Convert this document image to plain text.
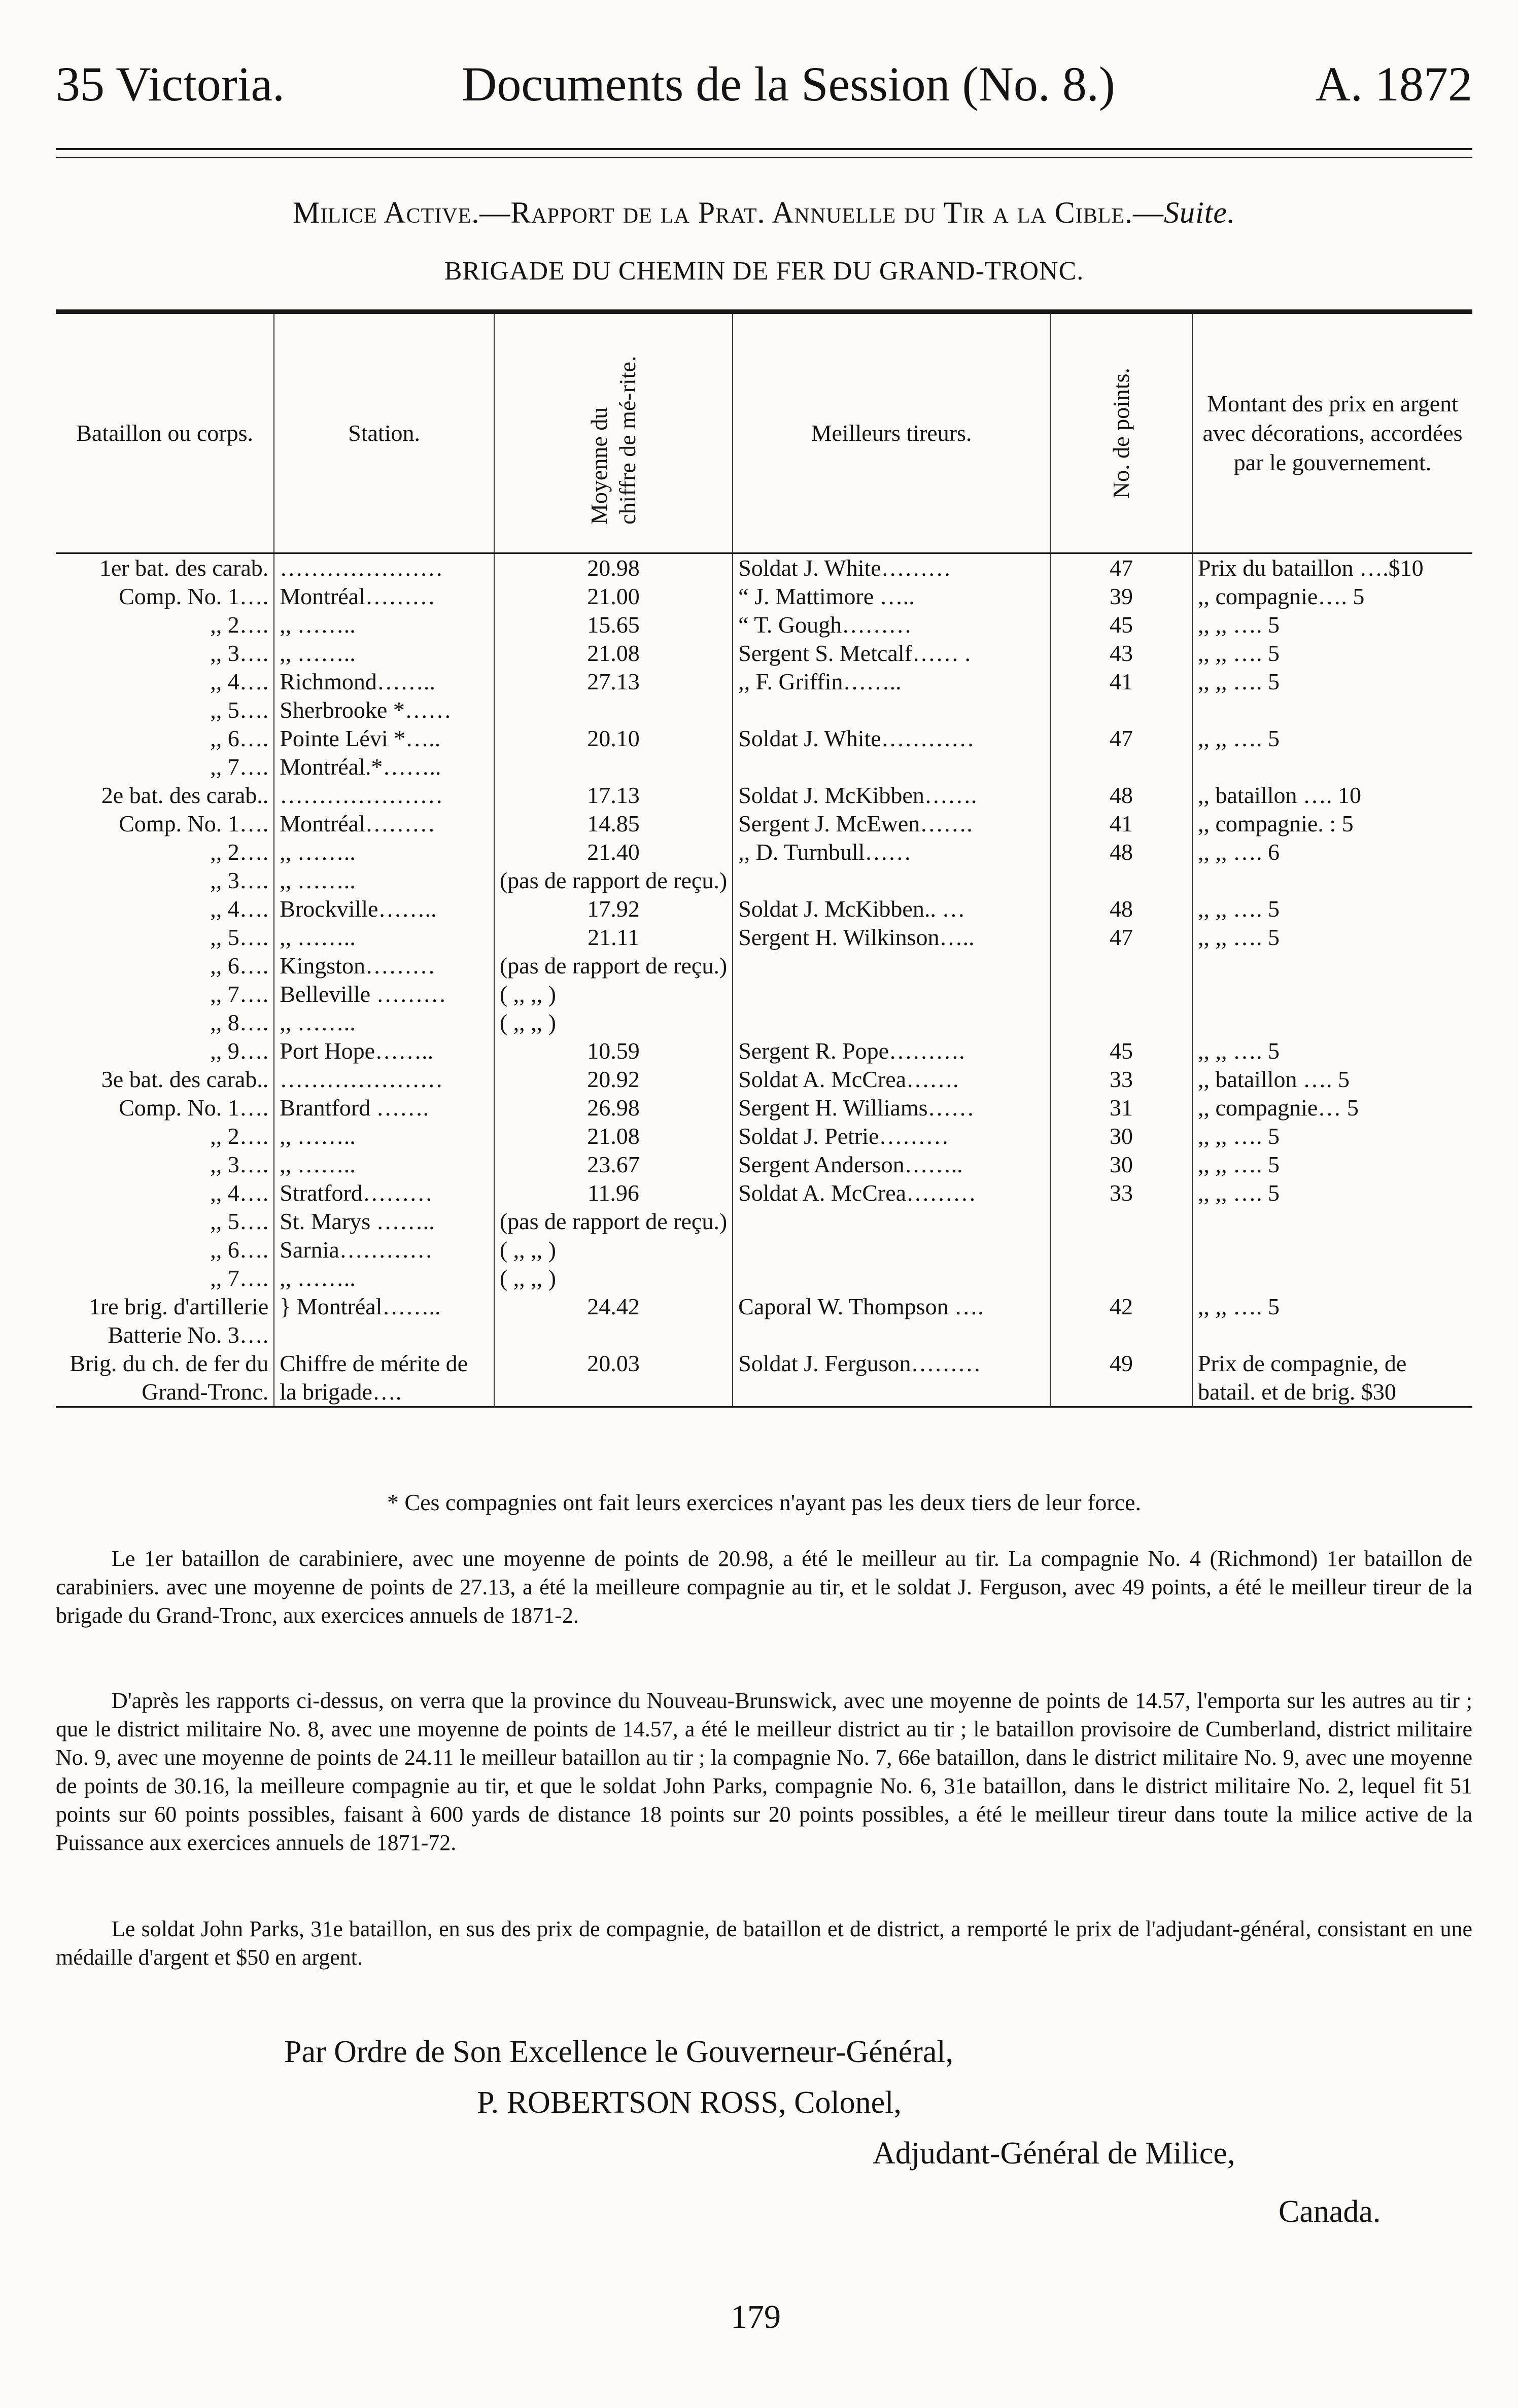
35 Victoria.	Documents de la Session (No. 8.)	A. 1872
Milice Active.—Rapport de la Prat. Annuelle du Tir a la Cible.—Suite.
BRIGADE DU CHEMIN DE FER DU GRAND-TRONC.
Bataillon ou corps.	Station.	Moyenne du chiffre de mé-rite.	Meilleurs tireurs.	No. de points.	Montant des prix en argent avec décorations, accordées par le gouvernement.
1er bat. des carab.	…………………	20.98	Soldat J. White………	47	Prix du bataillon ….$10
Comp. No. 1….	Montréal………	21.00	“ J. Mattimore …..	39	,, compagnie…. 5
,, 2….	,, ……..	15.65	“ T. Gough………	45	,, ,, …. 5
,, 3….	,, ……..	21.08	Sergent S. Metcalf…… .	43	,, ,, …. 5
,, 4….	Richmond……..	27.13	,, F. Griffin……..	41	,, ,, …. 5
,, 5….	Sherbrooke *……				
,, 6….	Pointe Lévi *…..	20.10	Soldat J. White…………	47	,, ,, …. 5
,, 7….	Montréal.*……..				
2e bat. des carab..	…………………	17.13	Soldat J. McKibben…….	48	,, bataillon …. 10
Comp. No. 1….	Montréal………	14.85	Sergent J. McEwen…….	41	,, compagnie. : 5
,, 2….	,, ……..	21.40	,, D. Turnbull……	48	,, ,, …. 6
,, 3….	,, ……..	(pas de rapport de reçu.)			
,, 4….	Brockville……..	17.92	Soldat J. McKibben.. …	48	,, ,, …. 5
,, 5….	,, ……..	21.11	Sergent H. Wilkinson…..	47	,, ,, …. 5
,, 6….	Kingston………	(pas de rapport de reçu.)			
,, 7….	Belleville ………	( ,, ,, )			
,, 8….	,, ……..	( ,, ,, )			
,, 9….	Port Hope……..	10.59	Sergent R. Pope……….	45	,, ,, …. 5
3e bat. des carab..	…………………	20.92	Soldat A. McCrea…….	33	,, bataillon …. 5
Comp. No. 1….	Brantford …….	26.98	Sergent H. Williams……	31	,, compagnie… 5
,, 2….	,, ……..	21.08	Soldat J. Petrie………	30	,, ,, …. 5
,, 3….	,, ……..	23.67	Sergent Anderson……..	30	,, ,, …. 5
,, 4….	Stratford………	11.96	Soldat A. McCrea………	33	,, ,, …. 5
,, 5….	St. Marys ……..	(pas de rapport de reçu.)			
,, 6….	Sarnia…………	( ,, ,, )			
,, 7….	,, ……..	( ,, ,, )			
1re brig. d'artillerie Batterie No. 3….	} Montréal……..	24.42	Caporal W. Thompson ….	42	,, ,, …. 5
Brig. du ch. de fer du Grand-Tronc.	Chiffre de mérite de la brigade….	20.03	Soldat J. Ferguson………	49	Prix de compagnie, de batail. et de brig. $30
* Ces compagnies ont fait leurs exercices n'ayant pas les deux tiers de leur force.
Le 1er bataillon de carabiniere, avec une moyenne de points de 20.98, a été le meilleur au tir. La compagnie No. 4 (Richmond) 1er bataillon de carabiniers. avec une moyenne de points de 27.13, a été la meilleure compagnie au tir, et le soldat J. Ferguson, avec 49 points, a été le meilleur tireur de la brigade du Grand-Tronc, aux exercices annuels de 1871-2.
D'après les rapports ci-dessus, on verra que la province du Nouveau-Brunswick, avec une moyenne de points de 14.57, l'emporta sur les autres au tir ; que le district militaire No. 8, avec une moyenne de points de 14.57, a été le meilleur district au tir ; le bataillon provisoire de Cumberland, district militaire No. 9, avec une moyenne de points de 24.11 le meilleur bataillon au tir ; la compagnie No. 7, 66e bataillon, dans le district militaire No. 9, avec une moyenne de points de 30.16, la meilleure compagnie au tir, et que le soldat John Parks, compagnie No. 6, 31e bataillon, dans le district militaire No. 2, lequel fit 51 points sur 60 points possibles, faisant à 600 yards de distance 18 points sur 20 points possibles, a été le meilleur tireur dans toute la milice active de la Puissance aux exercices annuels de 1871-72.
Le soldat John Parks, 31e bataillon, en sus des prix de compagnie, de bataillon et de district, a remporté le prix de l'adjudant-général, consistant en une médaille d'argent et $50 en argent.
Par Ordre de Son Excellence le Gouverneur-Général,
P. ROBERTSON ROSS, Colonel,
Adjudant-Général de Milice,
Canada.
179
